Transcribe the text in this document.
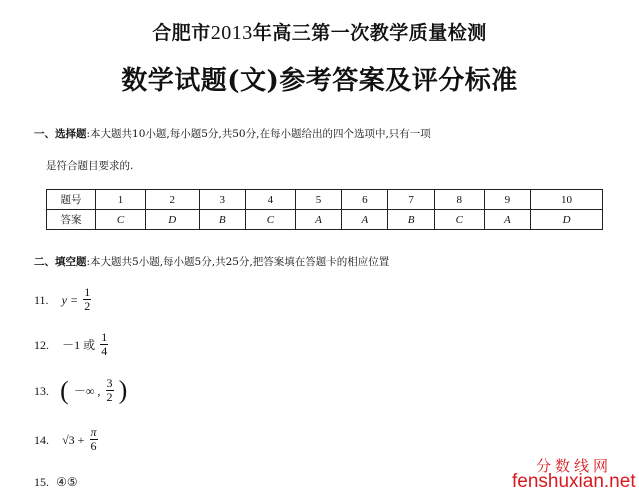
合肥市2013年高三第一次教学质量检测
数学试题(文)参考答案及评分标准
一、选择题:本大题共10小题,每小题5分,共50分,在每小题给出的四个选项中,只有一项
是符合题目要求的.
题号	1	2	3	4	5	6	7	8	9	10
答案	C	D	B	C	A	A	B	C	A	D
二、填空题:本大题共5小题,每小题5分,共25分,把答案填在答题卡的相应位置
11. $y = \frac{1}{2}$
12. －1 或 $\frac{1}{4}$
13. ( －∞ , $\frac{3}{2}$ )
14. $√3 + \frac{\pi}{6}$
15. ④⑤
分数线网
fenshuxian.net
